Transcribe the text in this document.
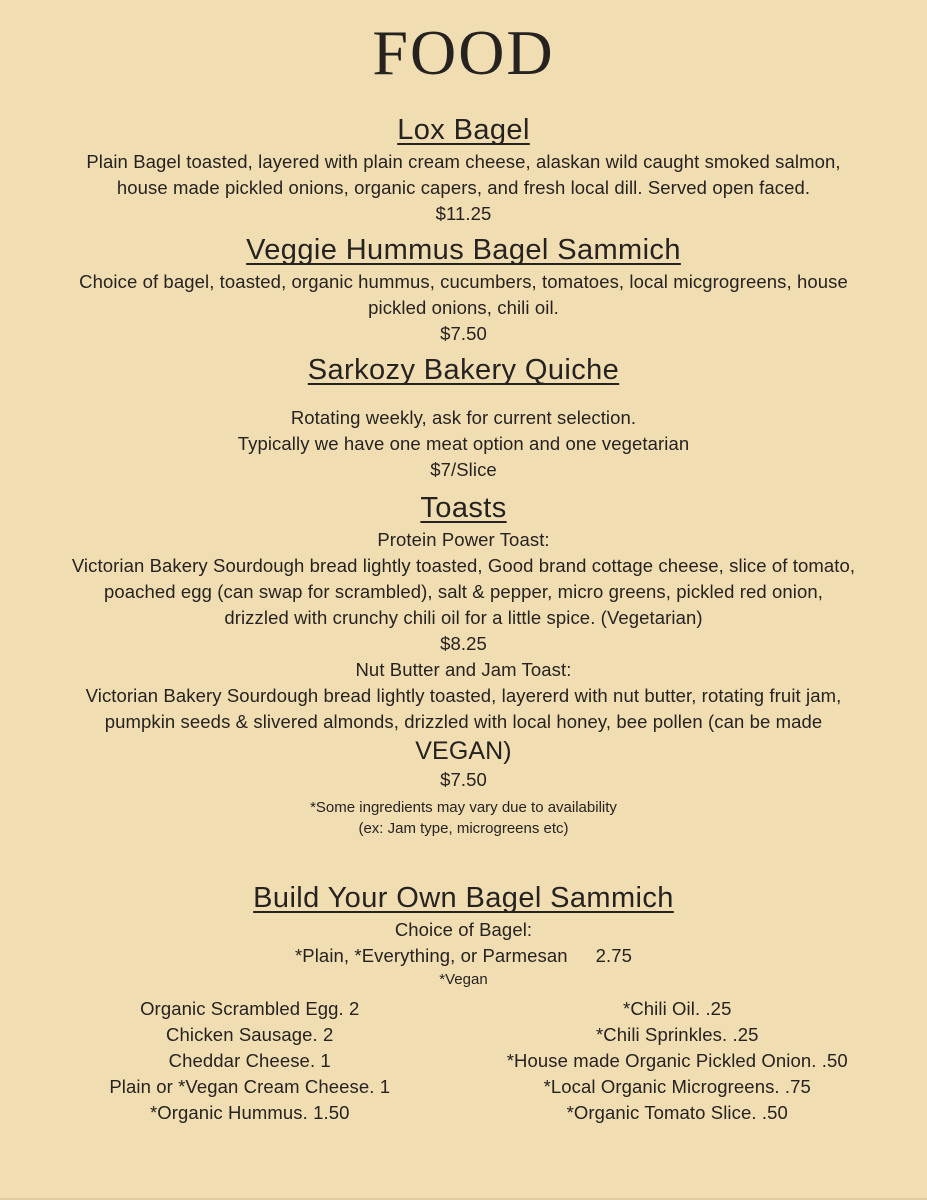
FOOD
Lox Bagel
Plain Bagel toasted, layered with plain cream cheese, alaskan wild caught smoked salmon,
house made pickled onions, organic capers, and fresh local dill. Served open faced.
$11.25
Veggie Hummus Bagel Sammich
Choice of bagel, toasted, organic hummus, cucumbers, tomatoes, local micgrogreens, house
pickled onions, chili oil.
$7.50
Sarkozy Bakery Quiche
Rotating weekly, ask for current selection.
Typically we have one meat option and one vegetarian
$7/Slice
Toasts
Protein Power Toast:
Victorian Bakery Sourdough bread lightly toasted, Good brand cottage cheese, slice of tomato,
poached egg (can swap for scrambled), salt & pepper, micro greens, pickled red onion,
drizzled with crunchy chili oil for a little spice. (Vegetarian)
$8.25
Nut Butter and Jam Toast:
Victorian Bakery Sourdough bread lightly toasted, layererd with nut butter, rotating fruit jam,
pumpkin seeds & slivered almonds, drizzled with local honey, bee pollen (can be made
VEGAN)
$7.50
*Some ingredients may vary due to availability
(ex: Jam type, microgreens etc)
Build Your Own Bagel Sammich
Choice of Bagel:
*Plain, *Everything, or Parmesan 2.75
*Vegan
Organic Scrambled Egg. 2
Chicken Sausage. 2
Cheddar Cheese. 1
Plain or *Vegan Cream Cheese. 1
*Organic Hummus. 1.50
*Chili Oil. .25
*Chili Sprinkles. .25
*House made Organic Pickled Onion. .50
*Local Organic Microgreens. .75
*Organic Tomato Slice. .50
